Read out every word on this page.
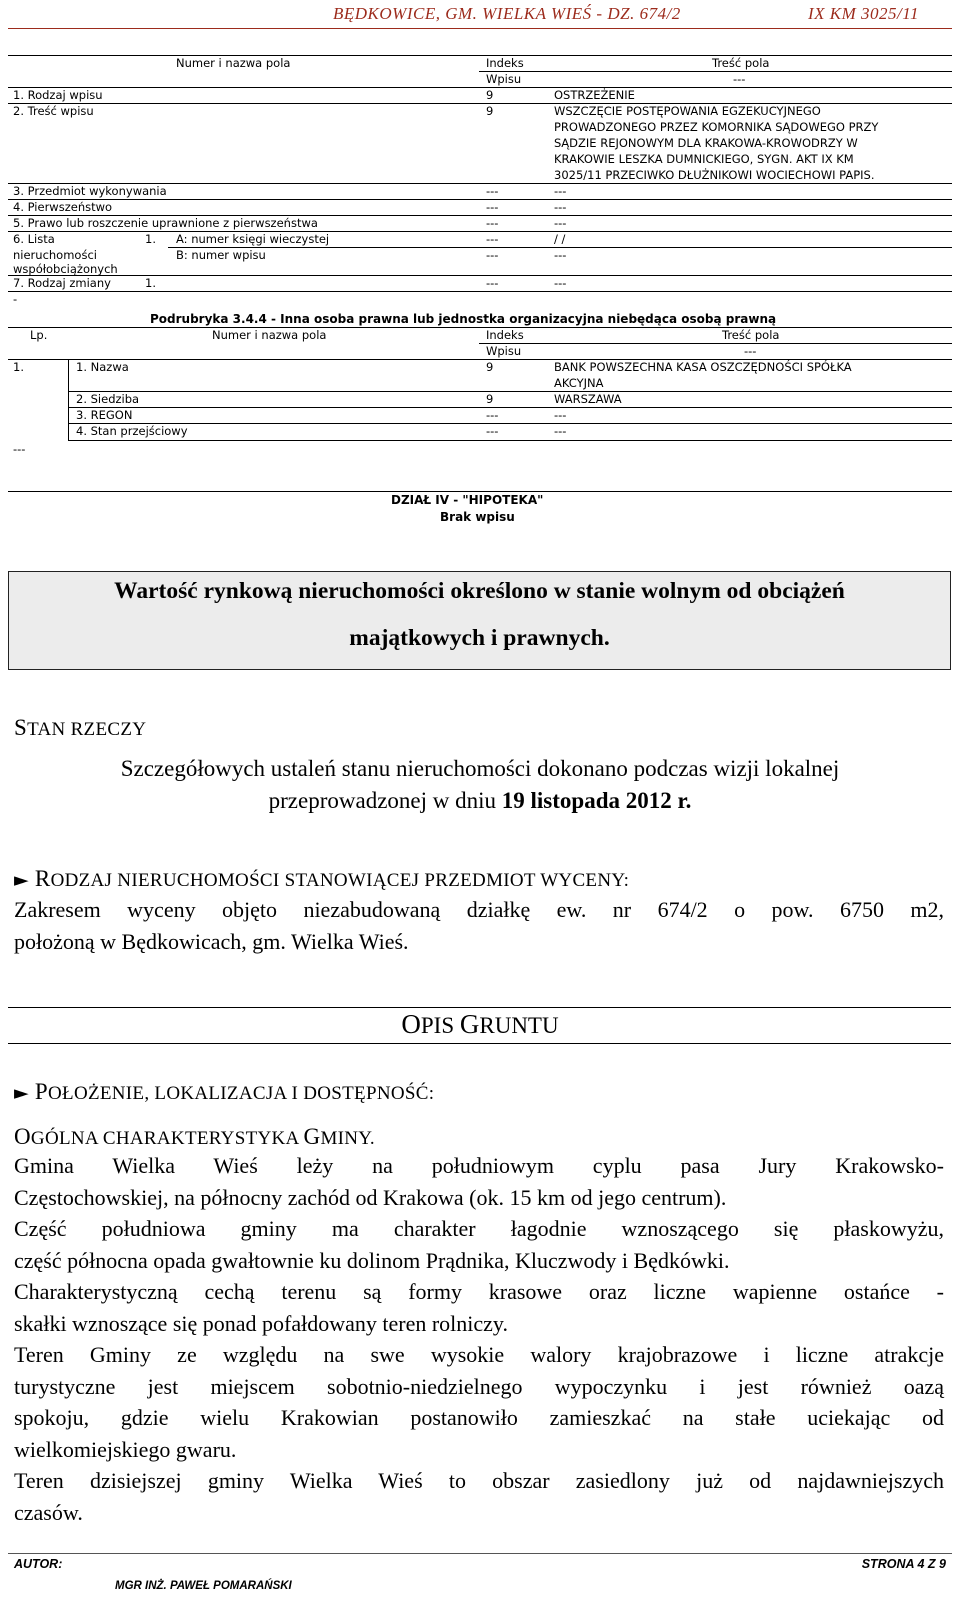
BĘDKOWICE, GM. WIELKA WIEŚ - DZ. 674/2	IX KM 3025/11
Numer i nazwa pola	Indeks	Treść pola
Wpisu	---
1. Rodzaj wpisu	9	OSTRZEŻENIE
2. Treść wpisu	9	WSZCZĘCIE POSTĘPOWANIA EGZEKUCYJNEGO
PROWADZONEGO PRZEZ KOMORNIKA SĄDOWEGO PRZY
SĄDZIE REJONOWYM DLA KRAKOWA-KROWODRZY W
KRAKOWIE LESZKA DUMNICKIEGO, SYGN. AKT IX KM
3025/11 PRZECIWKO DŁUŻNIKOWI WOCIECHOWI PAPIS.
3. Przedmiot wykonywania	---	---
4. Pierwszeństwo	---	---
5. Prawo lub roszczenie uprawnione z pierwszeństwa	---	---
6. Lista
nieruchomości
współobciążonych
1. A: numer księgi wieczystej	---	/ /
B: numer wpisu	---	---
7. Rodzaj zmiany	1.	---	---
-
Podrubryka 3.4.4 - Inna osoba prawna lub jednostka organizacyjna niebędąca osobą prawną
Lp.	Numer i nazwa pola	Indeks	Treść pola
Wpisu	---
1.	1. Nazwa	9	BANK POWSZECHNA KASA OSZCZĘDNOŚCI SPÓŁKA
AKCYJNA
2. Siedziba	9	WARSZAWA
3. REGON	---	---
4. Stan przejściowy	---	---
---
DZIAŁ IV - "HIPOTEKA"
Brak wpisu
Wartość rynkową nieruchomości określono w stanie wolnym od obciążeń
majątkowych i prawnych.
STAN RZECZY
Szczegółowych ustaleń stanu nieruchomości dokonano podczas wizji lokalnej
przeprowadzonej w dniu 19 listopada 2012 r.
► RODZAJ NIERUCHOMOŚCI STANOWIĄCEJ PRZEDMIOT WYCENY:
Zakresem wyceny objęto niezabudowaną działkę ew. nr 674/2 o pow. 6750 m2,
położoną w Będkowicach, gm. Wielka Wieś.
OPIS GRUNTU
► POŁOŻENIE, LOKALIZACJA I DOSTĘPNOŚĆ:
OGÓLNA CHARAKTERYSTYKA GMINY.
Gmina Wielka Wieś leży na południowym cyplu pasa Jury Krakowsko-
Częstochowskiej, na północny zachód od Krakowa (ok. 15 km od jego centrum).
Część południowa gminy ma charakter łagodnie wznoszącego się płaskowyżu,
część północna opada gwałtownie ku dolinom Prądnika, Kluczwody i Będkówki.
Charakterystyczną cechą terenu są formy krasowe oraz liczne wapienne ostańce -
skałki wznoszące się ponad pofałdowany teren rolniczy.
Teren Gminy ze względu na swe wysokie walory krajobrazowe i liczne atrakcje
turystyczne jest miejscem sobotnio-niedzielnego wypoczynku i jest również oazą
spokoju, gdzie wielu Krakowian postanowiło zamieszkać na stałe uciekając od
wielkomiejskiego gwaru.
Teren dzisiejszej gminy Wielka Wieś to obszar zasiedlony już od najdawniejszych
czasów.
AUTOR:
MGR INŻ. PAWEŁ POMARAŃSKI
STRONA 4 Z 9
